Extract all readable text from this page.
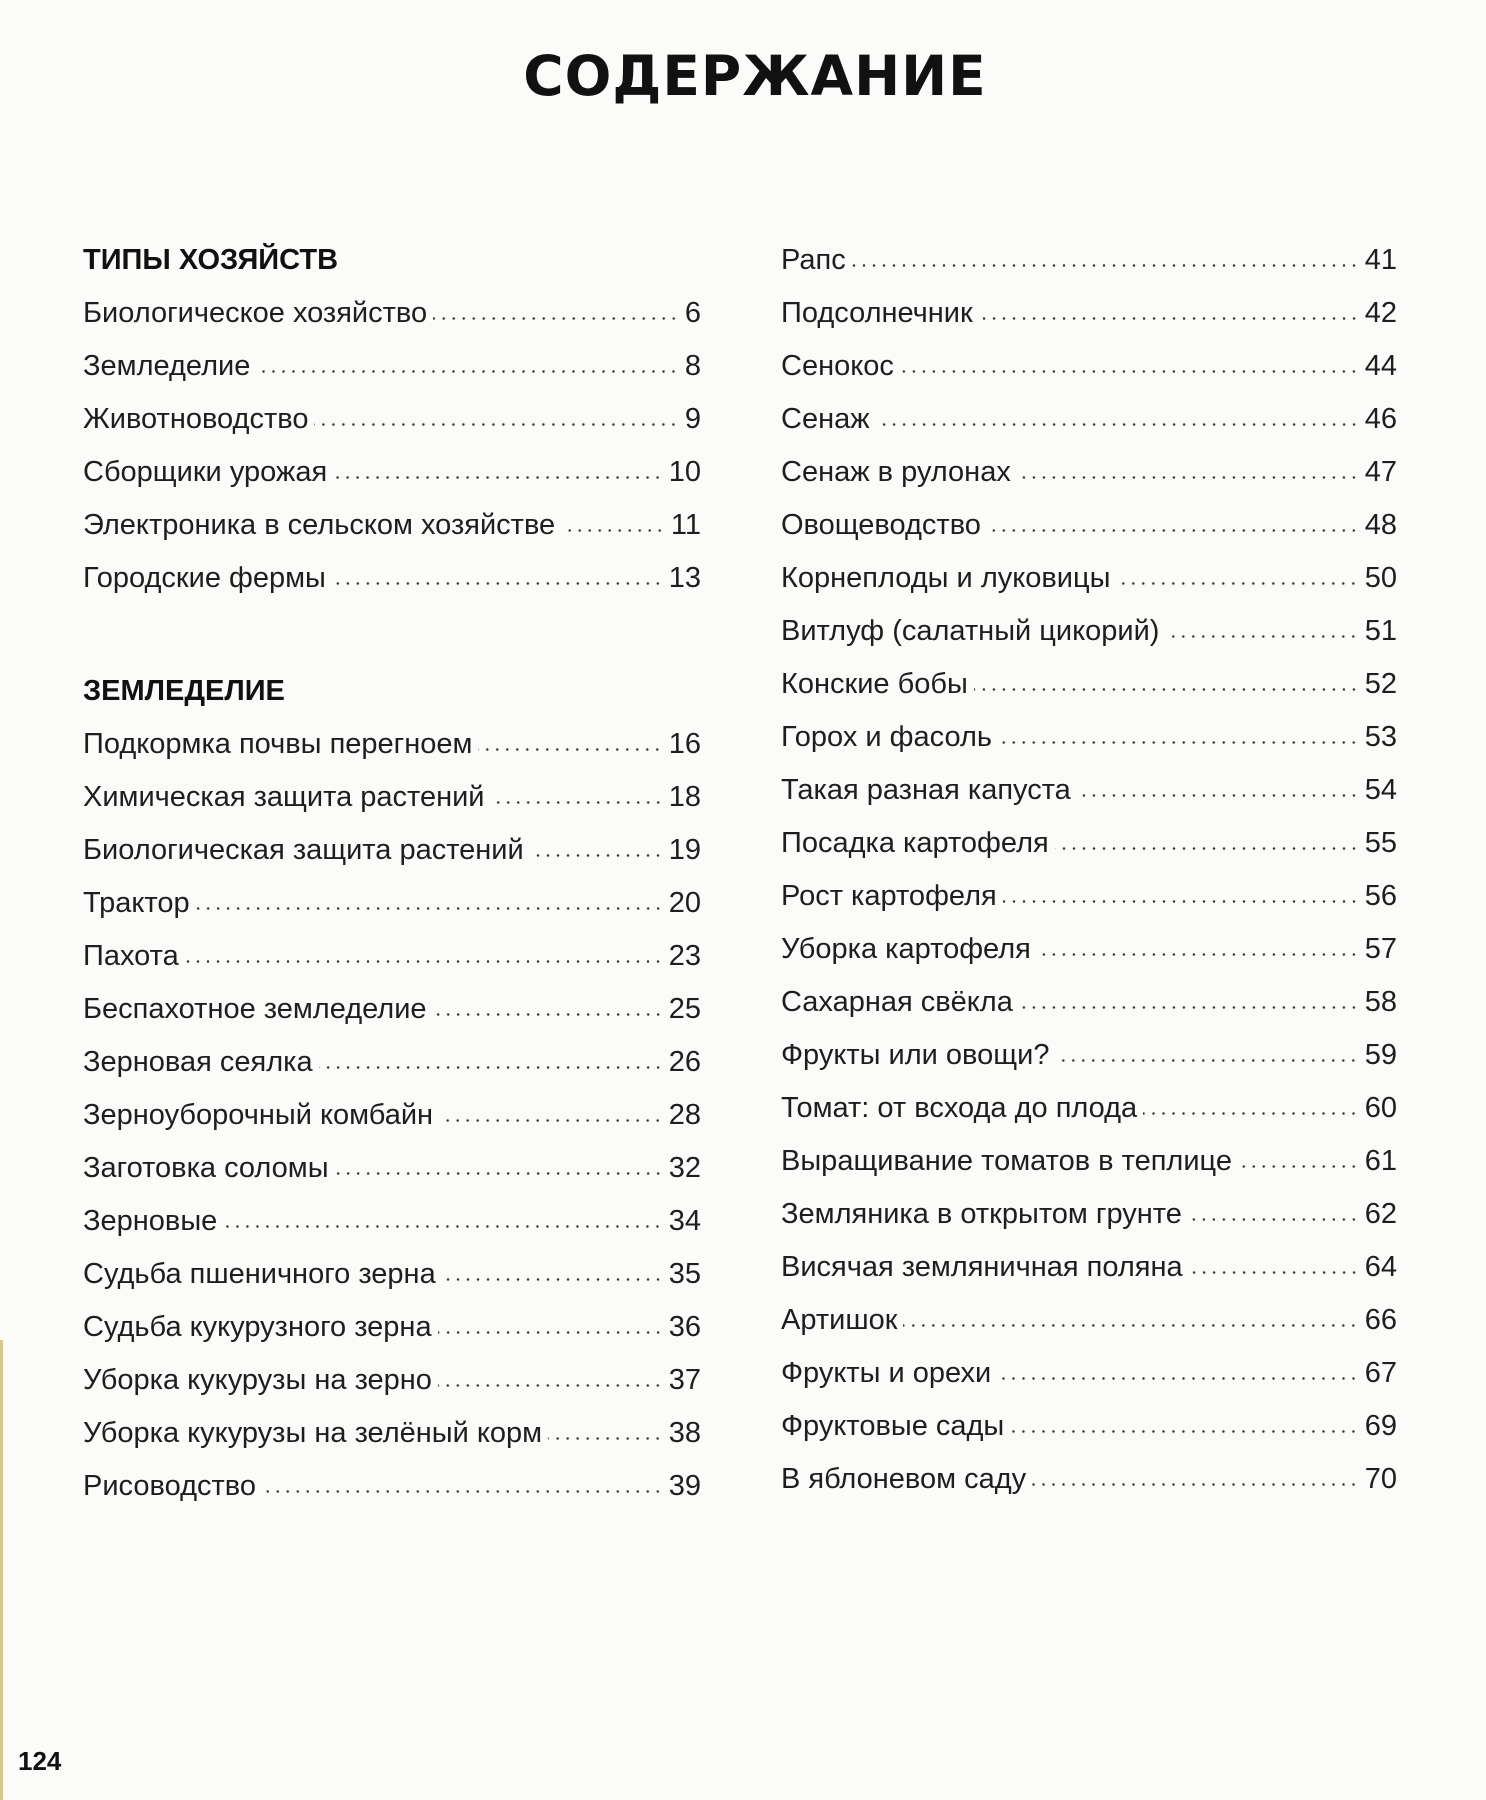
СОДЕРЖАНИЕ
ТИПЫ ХОЗЯЙСТВ
Биологическое хозяйство	6
Земледелие	8
Животноводство	9
Сборщики урожая	10
Электроника в сельском хозяйстве	11
Городские фермы	13
ЗЕМЛЕДЕЛИЕ
Подкормка почвы перегноем	16
Химическая защита растений	18
Биологическая защита растений	19
Трактор	20
Пахота	23
Беспахотное земледелие	25
Зерновая сеялка	26
Зерноуборочный комбайн	28
Заготовка соломы	32
Зерновые	34
Судьба пшеничного зерна	35
Судьба кукурузного зерна	36
Уборка кукурузы на зерно	37
Уборка кукурузы на зелёный корм	38
Рисоводство	39
Рапс	41
Подсолнечник	42
Сенокос	44
Сенаж	46
Сенаж в рулонах	47
Овощеводство	48
Корнеплоды и луковицы	50
Витлуф (салатный цикорий)	51
Конские бобы	52
Горох и фасоль	53
Такая разная капуста	54
Посадка картофеля	55
Рост картофеля	56
Уборка картофеля	57
Сахарная свёкла	58
Фрукты или овощи?	59
Томат: от всхода до плода	60
Выращивание томатов в теплице	61
Земляника в открытом грунте	62
Висячая земляничная поляна	64
Артишок	66
Фрукты и орехи	67
Фруктовые сады	69
В яблоневом саду	70
124
